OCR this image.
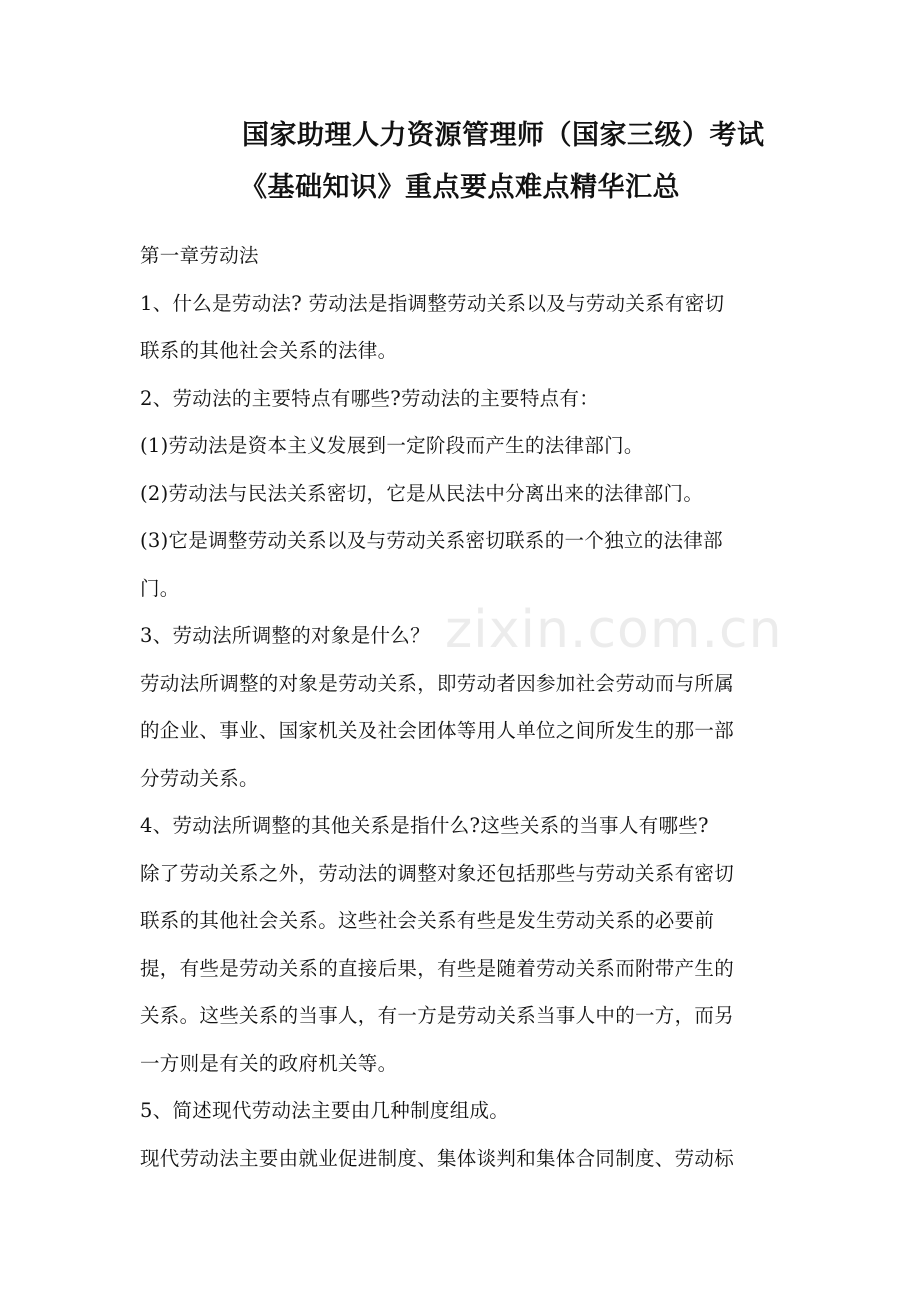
国家助理人力资源管理师（国家三级）考试
《基础知识》重点要点难点精华汇总
zixin.com.cn
第一章劳动法
1、什么是劳动法? 劳动法是指调整劳动关系以及与劳动关系有密切
联系的其他社会关系的法律。
2、劳动法的主要特点有哪些?劳动法的主要特点有：
(1)劳动法是资本主义发展到一定阶段而产生的法律部门。
(2)劳动法与民法关系密切，它是从民法中分离出来的法律部门。
(3)它是调整劳动关系以及与劳动关系密切联系的一个独立的法律部
门。
3、劳动法所调整的对象是什么？
劳动法所调整的对象是劳动关系，即劳动者因参加社会劳动而与所属
的企业、事业、国家机关及社会团体等用人单位之间所发生的那一部
分劳动关系。
4、劳动法所调整的其他关系是指什么?这些关系的当事人有哪些?
除了劳动关系之外，劳动法的调整对象还包括那些与劳动关系有密切
联系的其他社会关系。这些社会关系有些是发生劳动关系的必要前
提，有些是劳动关系的直接后果，有些是随着劳动关系而附带产生的
关系。这些关系的当事人，有一方是劳动关系当事人中的一方，而另
一方则是有关的政府机关等。
5、简述现代劳动法主要由几种制度组成。
现代劳动法主要由就业促进制度、集体谈判和集体合同制度、劳动标
